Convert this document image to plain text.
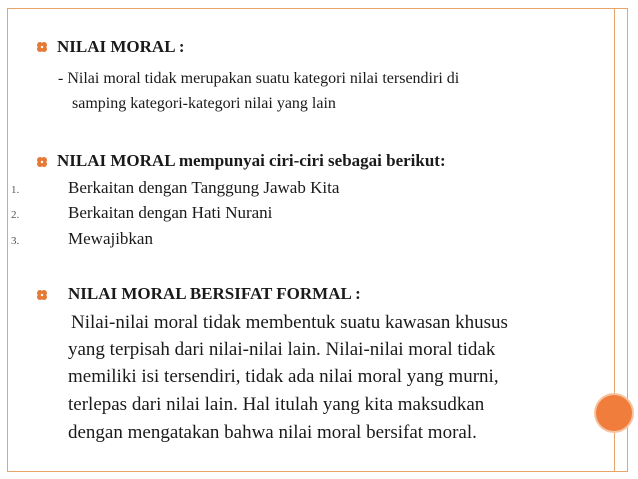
NILAI MORAL :
- Nilai moral tidak merupakan suatu kategori nilai tersendiri di
samping kategori-kategori nilai yang lain
NILAI MORAL mempunyai ciri-ciri sebagai berikut:
1.	Berkaitan dengan Tanggung Jawab Kita
2.	Berkaitan dengan Hati Nurani
3.	Mewajibkan
NILAI MORAL BERSIFAT FORMAL :
Nilai-nilai moral tidak membentuk suatu kawasan khusus
yang terpisah dari nilai-nilai lain. Nilai-nilai moral tidak
memiliki isi tersendiri, tidak ada nilai moral yang murni,
terlepas dari nilai lain. Hal itulah yang kita maksudkan
dengan mengatakan bahwa nilai moral bersifat moral.
